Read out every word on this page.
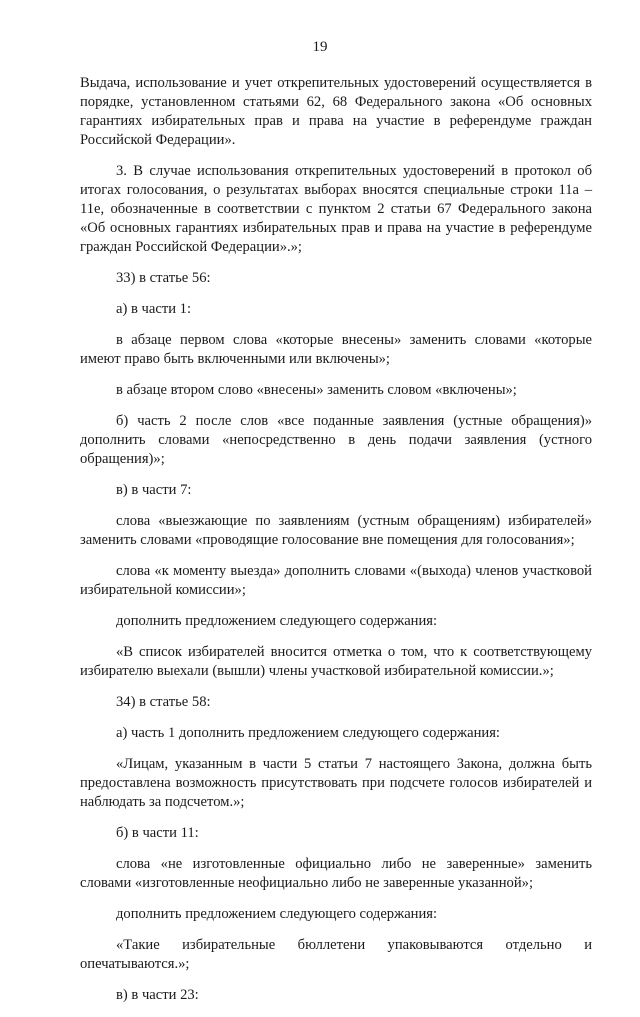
19

Выдача, использование и учет открепительных удостоверений осуществляется в порядке, установленном статьями 62, 68 Федерального закона «Об основных гарантиях избирательных прав и права на участие в референдуме граждан Российской Федерации».

3. В случае использования открепительных удостоверений в протокол об итогах голосования, о результатах выборах вносятся специальные строки 11а – 11е, обозначенные в соответствии с пунктом 2 статьи 67 Федерального закона «Об основных гарантиях избирательных прав и права на участие в референдуме граждан Российской Федерации».»;

33) в статье 56:

а) в части 1:

в абзаце первом слова «которые внесены» заменить словами «которые имеют право быть включенными или включены»;

в абзаце втором слово «внесены» заменить словом «включены»;

б) часть 2 после слов «все поданные заявления (устные обращения)» дополнить словами «непосредственно в день подачи заявления (устного обращения)»;

в) в части 7:

слова «выезжающие по заявлениям (устным обращениям) избирателей» заменить словами «проводящие голосование вне помещения для голосования»;

слова «к моменту выезда» дополнить словами «(выхода) членов участковой избирательной комиссии»;

дополнить предложением следующего содержания:

«В список избирателей вносится отметка о том, что к соответствующему избирателю выехали (вышли) члены участковой избирательной комиссии.»;

34) в статье 58:

а) часть 1 дополнить предложением следующего содержания:

«Лицам, указанным в части 5 статьи 7 настоящего Закона, должна быть предоставлена возможность присутствовать при подсчете голосов избирателей и наблюдать за подсчетом.»;

б) в части 11:

слова «не изготовленные официально либо не заверенные» заменить словами «изготовленные неофициально либо не заверенные указанной»;

дополнить предложением следующего содержания:

«Такие избирательные бюллетени упаковываются отдельно и опечатываются.»;

в) в части 23:
